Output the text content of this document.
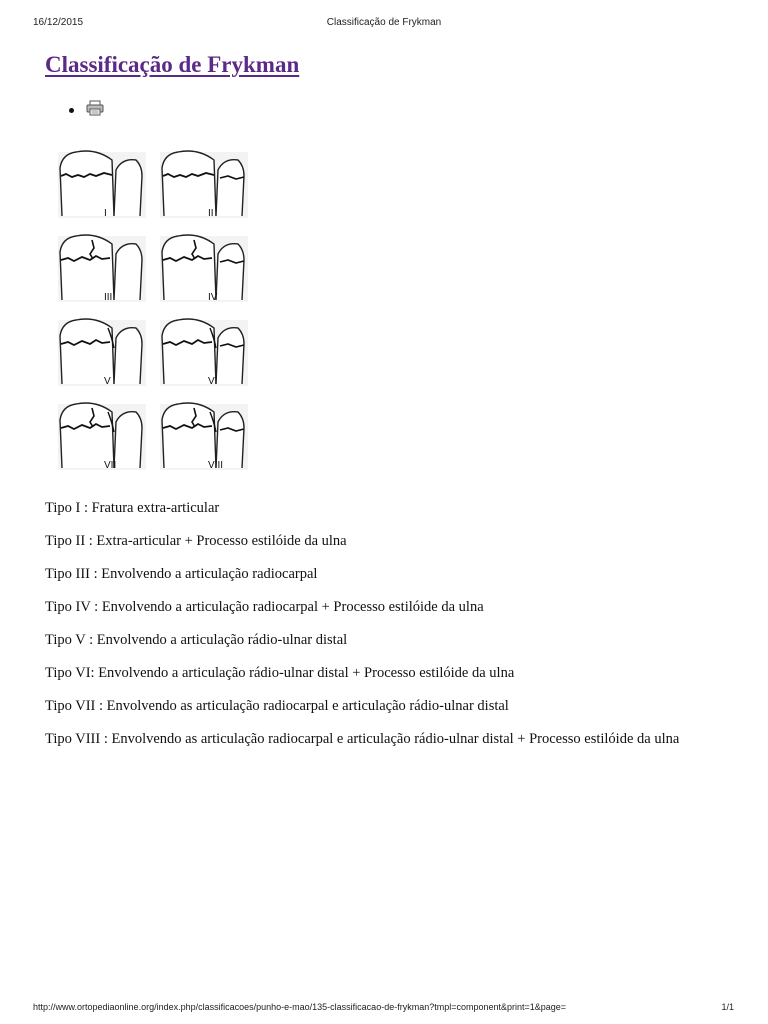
16/12/2015	Classificação de Frykman
Classificação de Frykman
I	II
III	IV
V	VI
VII	VIII

Tipo I : Fratura extra-articular

Tipo II : Extra-articular + Processo estilóide da ulna

Tipo III : Envolvendo a articulação radiocarpal

Tipo IV : Envolvendo a articulação radiocarpal + Processo estilóide da ulna

Tipo V : Envolvendo a articulação rádio-ulnar distal

Tipo VI: Envolvendo a articulação rádio-ulnar distal + Processo estilóide da ulna

Tipo VII : Envolvendo as articulação radiocarpal e articulação rádio-ulnar distal

Tipo VIII : Envolvendo as articulação radiocarpal e articulação rádio-ulnar distal + Processo estilóide da ulna

http://www.ortopediaonline.org/index.php/classificacoes/punho-e-mao/135-classificacao-de-frykman?tmpl=component&print=1&page=	1/1
